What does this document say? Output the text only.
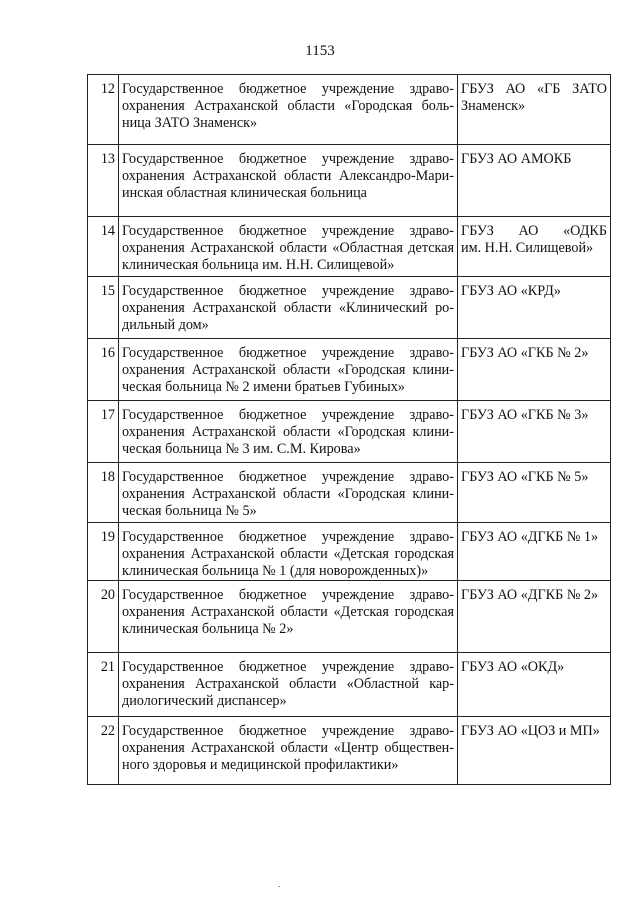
1153
12	Государственное бюджетное учреждение здраво-
охранения Астраханской области «Городская боль-
ница ЗАТО Знаменск»	ГБУЗ АО «ГБ ЗАТО
Знаменск»

13	Государственное бюджетное учреждение здраво-
охранения Астраханской области Александро-Мари-
инская областная клиническая больница	ГБУЗ АО АМОКБ

14	Государственное бюджетное учреждение здраво-
охранения Астраханской области «Областная детская
клиническая больница им. Н.Н. Силищевой»	ГБУЗ АО «ОДКБ
им. Н.Н. Силищевой»

15	Государственное бюджетное учреждение здраво-
охранения Астраханской области «Клинический ро-
дильный дом»	ГБУЗ АО «КРД»

16	Государственное бюджетное учреждение здраво-
охранения Астраханской области «Городская клини-
ческая больница № 2 имени братьев Губиных»	ГБУЗ АО «ГКБ № 2»

17	Государственное бюджетное учреждение здраво-
охранения Астраханской области «Городская клини-
ческая больница № 3 им. С.М. Кирова»	ГБУЗ АО «ГКБ № 3»

18	Государственное бюджетное учреждение здраво-
охранения Астраханской области «Городская клини-
ческая больница № 5»	ГБУЗ АО «ГКБ № 5»

19	Государственное бюджетное учреждение здраво-
охранения Астраханской области «Детская городская
клиническая больница № 1 (для новорожденных)»	ГБУЗ АО «ДГКБ № 1»

20	Государственное бюджетное учреждение здраво-
охранения Астраханской области «Детская городская
клиническая больница № 2»	ГБУЗ АО «ДГКБ № 2»

21	Государственное бюджетное учреждение здраво-
охранения Астраханской области «Областной кар-
диологический диспансер»	ГБУЗ АО «ОКД»

22	Государственное бюджетное учреждение здраво-
охранения Астраханской области «Центр обществен-
ного здоровья и медицинской профилактики»	ГБУЗ АО «ЦОЗ и МП»
